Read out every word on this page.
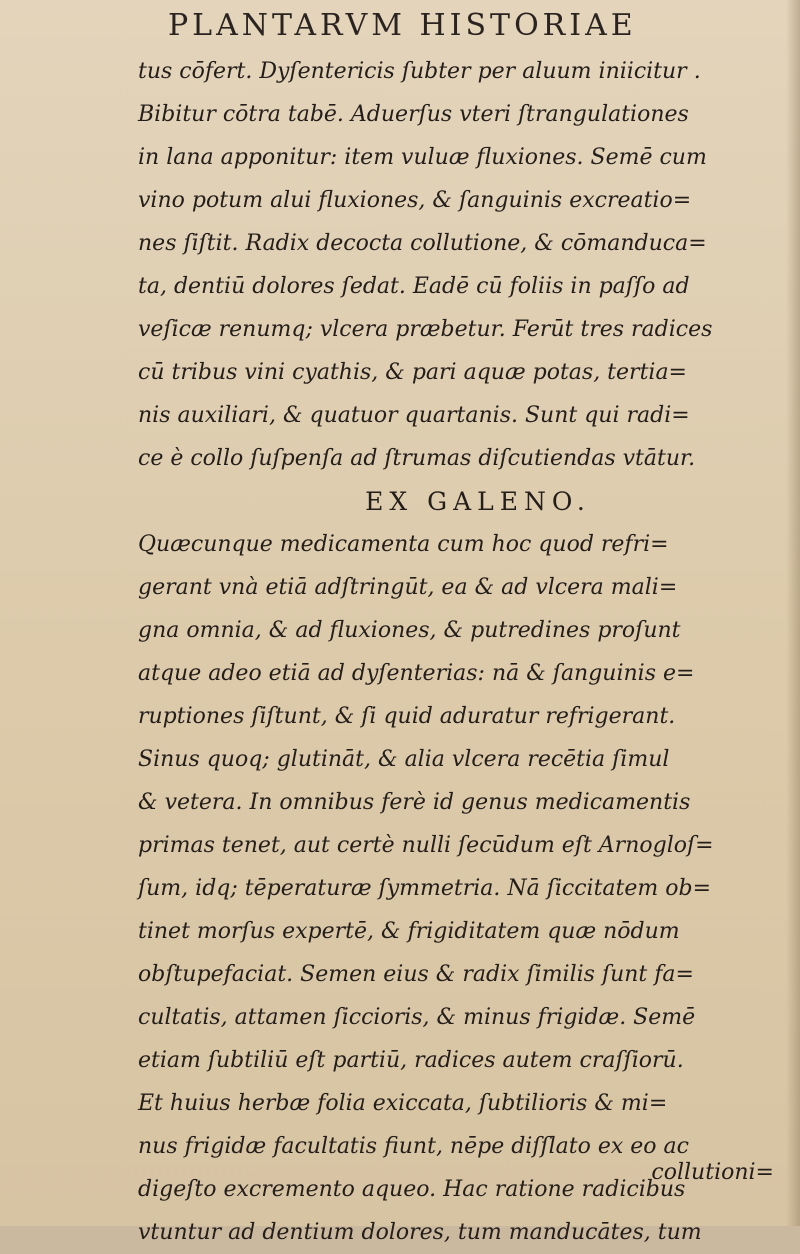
PLANTARVM HISTORIAE
tus cōfert. Dyſentericis ſubter per aluum iniicitur .
Bibitur cōtra tabē. Aduerſus vteri ſtrangulationes
in lana apponitur: item vuluæ fluxiones. Semē cum
vino potum alui fluxiones, & ſanguinis excreatio=
nes ſiſtit. Radix decocta collutione, & cōmanduca=
ta, dentiū dolores ſedat. Eadē cū foliis in paſſo ad
veſicæ renumq; vlcera præbetur. Ferūt tres radices
cū tribus vini cyathis, & pari aquæ potas, tertia=
nis auxiliari, & quatuor quartanis. Sunt qui radi=
ce è collo ſuſpenſa ad ſtrumas diſcutiendas vtātur.
EX GALENO.
Quæcunque medicamenta cum hoc quod refri=
gerant vnà etiā adſtringūt, ea & ad vlcera mali=
gna omnia, & ad fluxiones, & putredines proſunt
atque adeo etiā ad dyſenterias: nā & ſanguinis e=
ruptiones ſiſtunt, & ſi quid aduratur refrigerant.
Sinus quoq; glutināt, & alia vlcera recētia ſimul
& vetera. In omnibus ferè id genus medicamentis
primas tenet, aut certè nulli ſecūdum eſt Arnogloſ=
ſum, idq; tēperaturæ ſymmetria. Nā ſiccitatem ob=
tinet morſus expertē, & frigiditatem quæ nōdum
obſtupefaciat. Semen eius & radix ſimilis ſunt fa=
cultatis, attamen ſiccioris, & minus frigidæ. Semē
etiam ſubtiliū eſt partiū, radices autem craſſiorū.
Et huius herbæ folia exiccata, ſubtilioris & mi=
nus frigidæ facultatis fiunt, nēpe diſſlato ex eo ac
digeſto excremento aqueo. Hac ratione radicibus
vtuntur ad dentium dolores, tum manducātes, tum
collutioni=
